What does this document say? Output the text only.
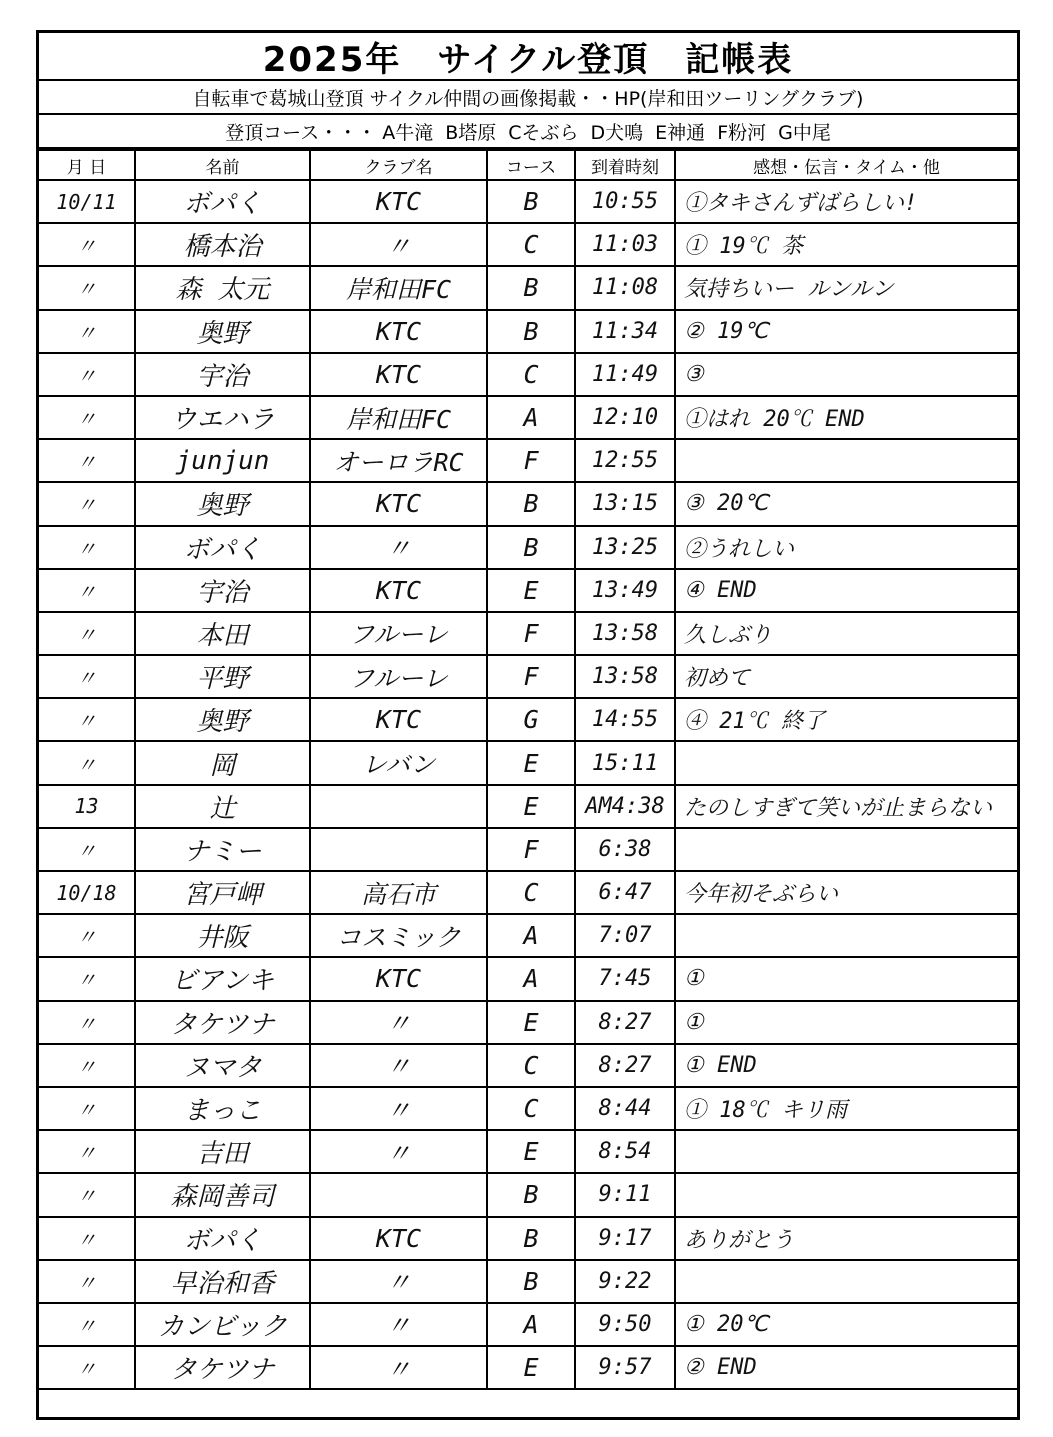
2025年 サイクル登頂 記帳表
自転車で葛城山登頂 サイクル仲間の画像掲載・・HP(岸和田ツーリングクラブ)
登頂コース・・・ A牛滝 B塔原 Cそぶら D犬鳴 E神通 F粉河 G中尾
月 日	名前	クラブ名	コース	到着時刻	感想・伝言・タイム・他
10/11	ボパく	KTC	B	10:55	①タキさんずばらしい!
〃	橋本治	〃	C	11:03	① 19℃ 茶
〃	森 太元	岸和田FC	B	11:08	気持ちいー ルンルン
〃	奥野	KTC	B	11:34	② 19℃
〃	宇治	KTC	C	11:49	③
〃	ウエハラ	岸和田FC	A	12:10	①はれ 20℃ END
〃	junjun	オーロラRC	F	12:55	
〃	奥野	KTC	B	13:15	③ 20℃
〃	ボパく	〃	B	13:25	②うれしい
〃	宇治	KTC	E	13:49	④ END
〃	本田	フルーレ	F	13:58	久しぶり
〃	平野	フルーレ	F	13:58	初めて
〃	奥野	KTC	G	14:55	④ 21℃ 終了
〃	岡	レバン	E	15:11	
13	辻		E	AM4:38	たのしすぎて笑いが止まらない
〃	ナミー		F	6:38	
10/18	宮戸岬	高石市	C	6:47	今年初そぶらい
〃	井阪	コスミック	A	7:07	
〃	ビアンキ	KTC	A	7:45	①
〃	タケツナ	〃	E	8:27	①
〃	ヌマタ	〃	C	8:27	① END
〃	まっこ	〃	C	8:44	① 18℃ キリ雨
〃	吉田	〃	E	8:54	
〃	森岡善司		B	9:11	
〃	ボパく	KTC	B	9:17	ありがとう
〃	早治和香	〃	B	9:22	
〃	カンビック	〃	A	9:50	① 20℃
〃	タケツナ	〃	E	9:57	② END
